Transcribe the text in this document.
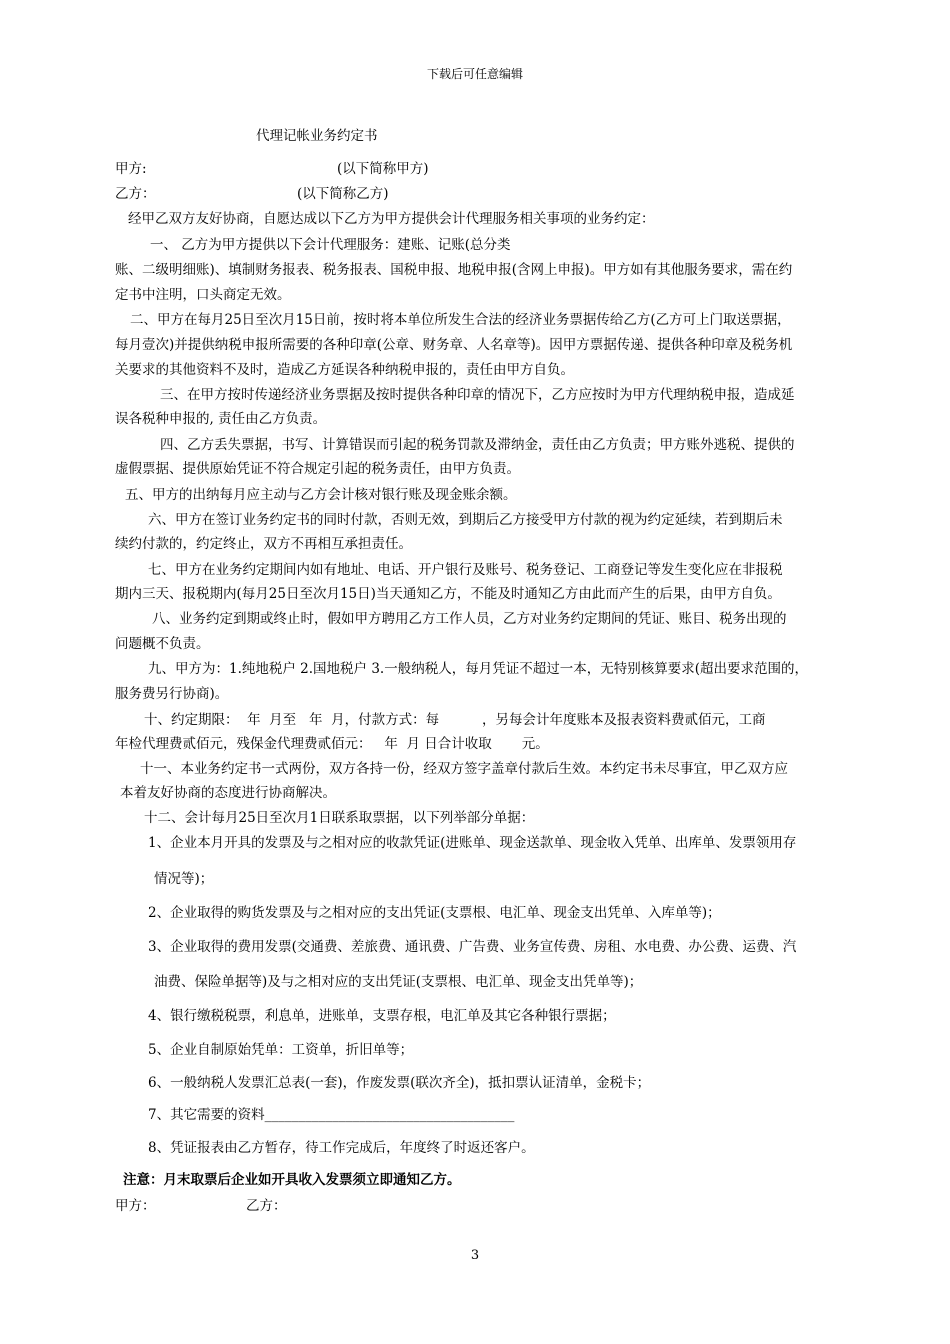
下载后可任意编辑
代理记帐业务约定书
甲方:	(以下简称甲方)
乙方：	(以下简称乙方)
经甲乙双方友好协商，自愿达成以下乙方为甲方提供会计代理服务相关事项的业务约定：
一、 乙方为甲方提供以下会计代理服务：建账、记账(总分类
账、二级明细账)、填制财务报表、税务报表、国税申报、地税申报(含网上申报)。甲方如有其他服务要求，需在约
定书中注明，口头商定无效。
二、甲方在每月25日至次月15日前，按时将本单位所发生合法的经济业务票据传给乙方(乙方可上门取送票据，
每月壹次)并提供纳税申报所需要的各种印章(公章、财务章、人名章等)。因甲方票据传递、提供各种印章及税务机
关要求的其他资料不及时，造成乙方延误各种纳税申报的，责任由甲方自负。
三、在甲方按时传递经济业务票据及按时提供各种印章的情况下，乙方应按时为甲方代理纳税申报，造成延
误各税种申报的, 责任由乙方负责。
四、乙方丢失票据，书写、计算错误而引起的税务罚款及滞纳金，责任由乙方负责；甲方账外逃税、提供的
虚假票据、提供原始凭证不符合规定引起的税务责任，由甲方负责。
五、甲方的出纳每月应主动与乙方会计核对银行账及现金账余额。
六、甲方在签订业务约定书的同时付款，否则无效，到期后乙方接受甲方付款的视为约定延续，若到期后未
续约付款的，约定终止，双方不再相互承担责任。
七、甲方在业务约定期间内如有地址、电话、开户银行及账号、税务登记、工商登记等发生变化应在非报税
期内三天、报税期内(每月25日至次月15日)当天通知乙方，不能及时通知乙方由此而产生的后果，由甲方自负。
八、业务约定到期或终止时，假如甲方聘用乙方工作人员，乙方对业务约定期间的凭证、账目、税务出现的
问题概不负责。
九、甲方为：1.纯地税户 2.国地税户 3.一般纳税人，每月凭证不超过一本，无特别核算要求(超出要求范围的，
服务费另行协商)。
十、约定期限：  年  月至   年  月，付款方式：每          ，另每会计年度账本及报表资料费贰佰元，工商
年检代理费贰佰元，残保金代理费贰佰元：   年  月 日合计收取       元。
十一、本业务约定书一式两份，双方各持一份，经双方签字盖章付款后生效。本约定书未尽事宜，甲乙双方应
本着友好协商的态度进行协商解决。
十二、会计每月25日至次月1日联系取票据，以下列举部分单据：
1、企业本月开具的发票及与之相对应的收款凭证(进账单、现金送款单、现金收入凭单、出库单、发票领用存
情况等)；
2、企业取得的购货发票及与之相对应的支出凭证(支票根、电汇单、现金支出凭单、入库单等)；
3、企业取得的费用发票(交通费、差旅费、通讯费、广告费、业务宣传费、房租、水电费、办公费、运费、汽
油费、保险单据等)及与之相对应的支出凭证(支票根、电汇单、现金支出凭单等)；
4、银行缴税税票，利息单，进账单，支票存根，电汇单及其它各种银行票据；
5、企业自制原始凭单：工资单，折旧单等；
6、一般纳税人发票汇总表(一套)，作废发票(联次齐全)，抵扣票认证清单，金税卡；
7、其它需要的资料_____________________________________
8、凭证报表由乙方暂存，待工作完成后，年度终了时返还客户。
注意：月末取票后企业如开具收入发票须立即通知乙方。
甲方：	乙方：
3
